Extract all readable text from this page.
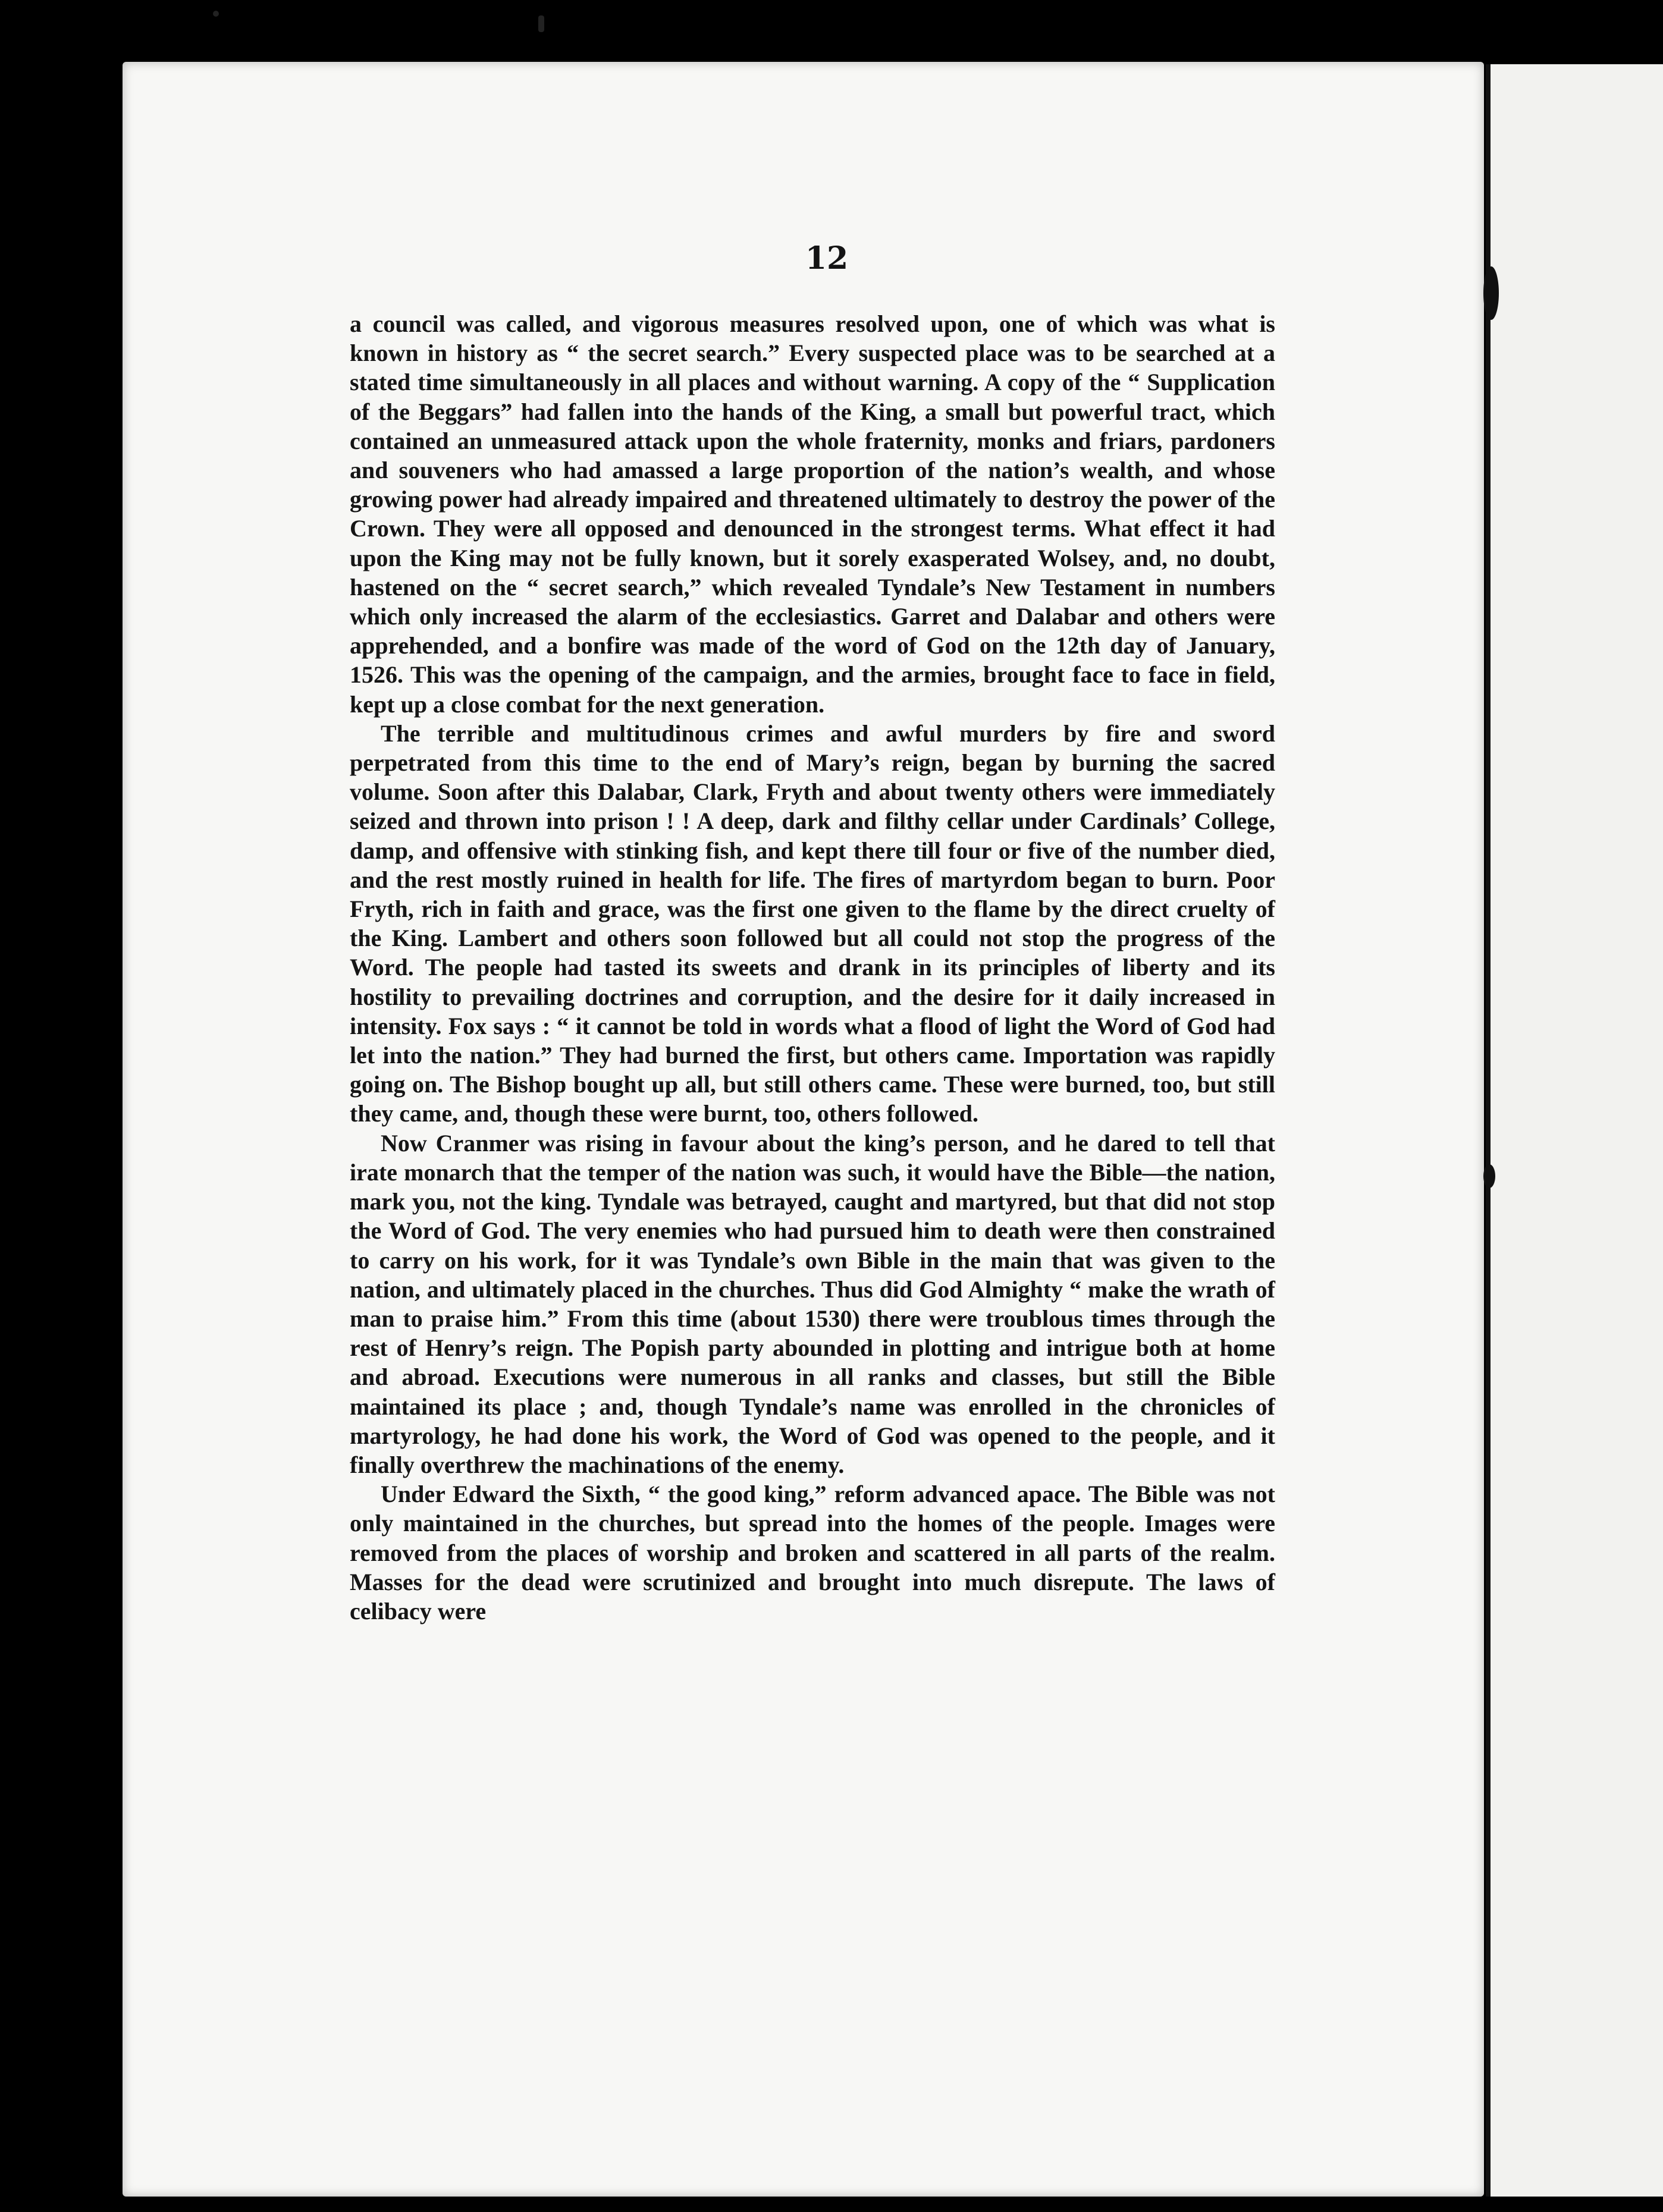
12

a council was called, and vigorous measures resolved upon, one of which was what is known in history as “ the secret search.” Every suspected place was to be searched at a stated time simultaneously in all places and without warning. A copy of the “ Supplication of the Beggars” had fallen into the hands of the King, a small but powerful tract, which contained an unmeasured attack upon the whole fraternity, monks and friars, pardoners and souveners who had amassed a large proportion of the nation’s wealth, and whose growing power had already impaired and threatened ultimately to destroy the power of the Crown. They were all opposed and denounced in the strongest terms. What effect it had upon the King may not be fully known, but it sorely exasperated Wolsey, and, no doubt, hastened on the “ secret search,” which revealed Tyndale’s New Testament in numbers which only increased the alarm of the ecclesiastics. Garret and Dalabar and others were apprehended, and a bonfire was made of the word of God on the 12th day of January, 1526. This was the opening of the campaign, and the armies, brought face to face in field, kept up a close combat for the next generation.

The terrible and multitudinous crimes and awful murders by fire and sword perpetrated from this time to the end of Mary’s reign, began by burning the sacred volume. Soon after this Dalabar, Clark, Fryth and about twenty others were immediately seized and thrown into prison ! ! A deep, dark and filthy cellar under Cardinals’ College, damp, and offensive with stinking fish, and kept there till four or five of the number died, and the rest mostly ruined in health for life. The fires of martyrdom began to burn. Poor Fryth, rich in faith and grace, was the first one given to the flame by the direct cruelty of the King. Lambert and others soon followed but all could not stop the progress of the Word. The people had tasted its sweets and drank in its principles of liberty and its hostility to prevailing doctrines and corruption, and the desire for it daily increased in intensity. Fox says : “ it cannot be told in words what a flood of light the Word of God had let into the nation.” They had burned the first, but others came. Importation was rapidly going on. The Bishop bought up all, but still others came. These were burned, too, but still they came, and, though these were burnt, too, others followed.

Now Cranmer was rising in favour about the king’s person, and he dared to tell that irate monarch that the temper of the nation was such, it would have the Bible—the nation, mark you, not the king. Tyndale was betrayed, caught and martyred, but that did not stop the Word of God. The very enemies who had pursued him to death were then constrained to carry on his work, for it was Tyndale’s own Bible in the main that was given to the nation, and ultimately placed in the churches. Thus did God Almighty “ make the wrath of man to praise him.” From this time (about 1530) there were troublous times through the rest of Henry’s reign. The Popish party abounded in plotting and intrigue both at home and abroad. Executions were numerous in all ranks and classes, but still the Bible maintained its place ; and, though Tyndale’s name was enrolled in the chronicles of martyrology, he had done his work, the Word of God was opened to the people, and it finally overthrew the machinations of the enemy.

Under Edward the Sixth, “ the good king,” reform advanced apace. The Bible was not only maintained in the churches, but spread into the homes of the people. Images were removed from the places of worship and broken and scattered in all parts of the realm. Masses for the dead were scrutinized and brought into much disrepute. The laws of celibacy were
